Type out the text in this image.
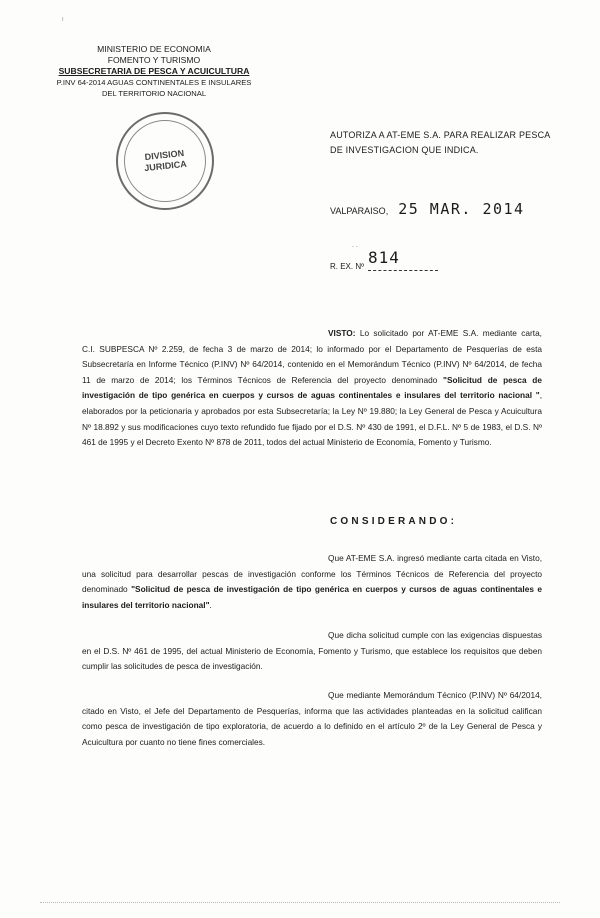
ι
MINISTERIO DE ECONOMIA
FOMENTO Y TURISMO
SUBSECRETARIA DE PESCA Y ACUICULTURA
P.INV 64-2014 AGUAS CONTINENTALES E INSULARES
DEL TERRITORIO NACIONAL
DIVISION
JURIDICA
AUTORIZA A AT-EME S.A. PARA REALIZAR PESCA DE INVESTIGACION QUE INDICA.
VALPARAISO, 25 MAR. 2014
. .
R. EX. Nº 814
VISTO: Lo solicitado por AT-EME S.A. mediante carta, C.I. SUBPESCA Nº 2.259, de fecha 3 de marzo de 2014; lo informado por el Departamento de Pesquerías de esta Subsecretaría en Informe Técnico (P.INV) Nº 64/2014, contenido en el Memorándum Técnico (P.INV) Nº 64/2014, de fecha 11 de marzo de 2014; los Términos Técnicos de Referencia del proyecto denominado "Solicitud de pesca de investigación de tipo genérica en cuerpos y cursos de aguas continentales e insulares del territorio nacional ", elaborados por la peticionaria y aprobados por esta Subsecretaría; la Ley Nº 19.880; la Ley General de Pesca y Acuicultura Nº 18.892 y sus modificaciones cuyo texto refundido fue fijado por el D.S. Nº 430 de 1991, el D.F.L. Nº 5 de 1983, el D.S. Nº 461 de 1995 y el Decreto Exento Nº 878 de 2011, todos del actual Ministerio de Economía, Fomento y Turismo.
CONSIDERANDO:
Que AT-EME S.A. ingresó mediante carta citada en Visto, una solicitud para desarrollar pescas de investigación conforme los Términos Técnicos de Referencia del proyecto denominado "Solicitud de pesca de investigación de tipo genérica en cuerpos y cursos de aguas continentales e insulares del territorio nacional".
Que dicha solicitud cumple con las exigencias dispuestas en el D.S. Nº 461 de 1995, del actual Ministerio de Economía, Fomento y Turismo, que establece los requisitos que deben cumplir las solicitudes de pesca de investigación.
Que mediante Memorándum Técnico (P.INV) Nº 64/2014, citado en Visto, el Jefe del Departamento de Pesquerías, informa que las actividades planteadas en la solicitud califican como pesca de investigación de tipo exploratoria, de acuerdo a lo definido en el artículo 2º de la Ley General de Pesca y Acuicultura por cuanto no tiene fines comerciales.
